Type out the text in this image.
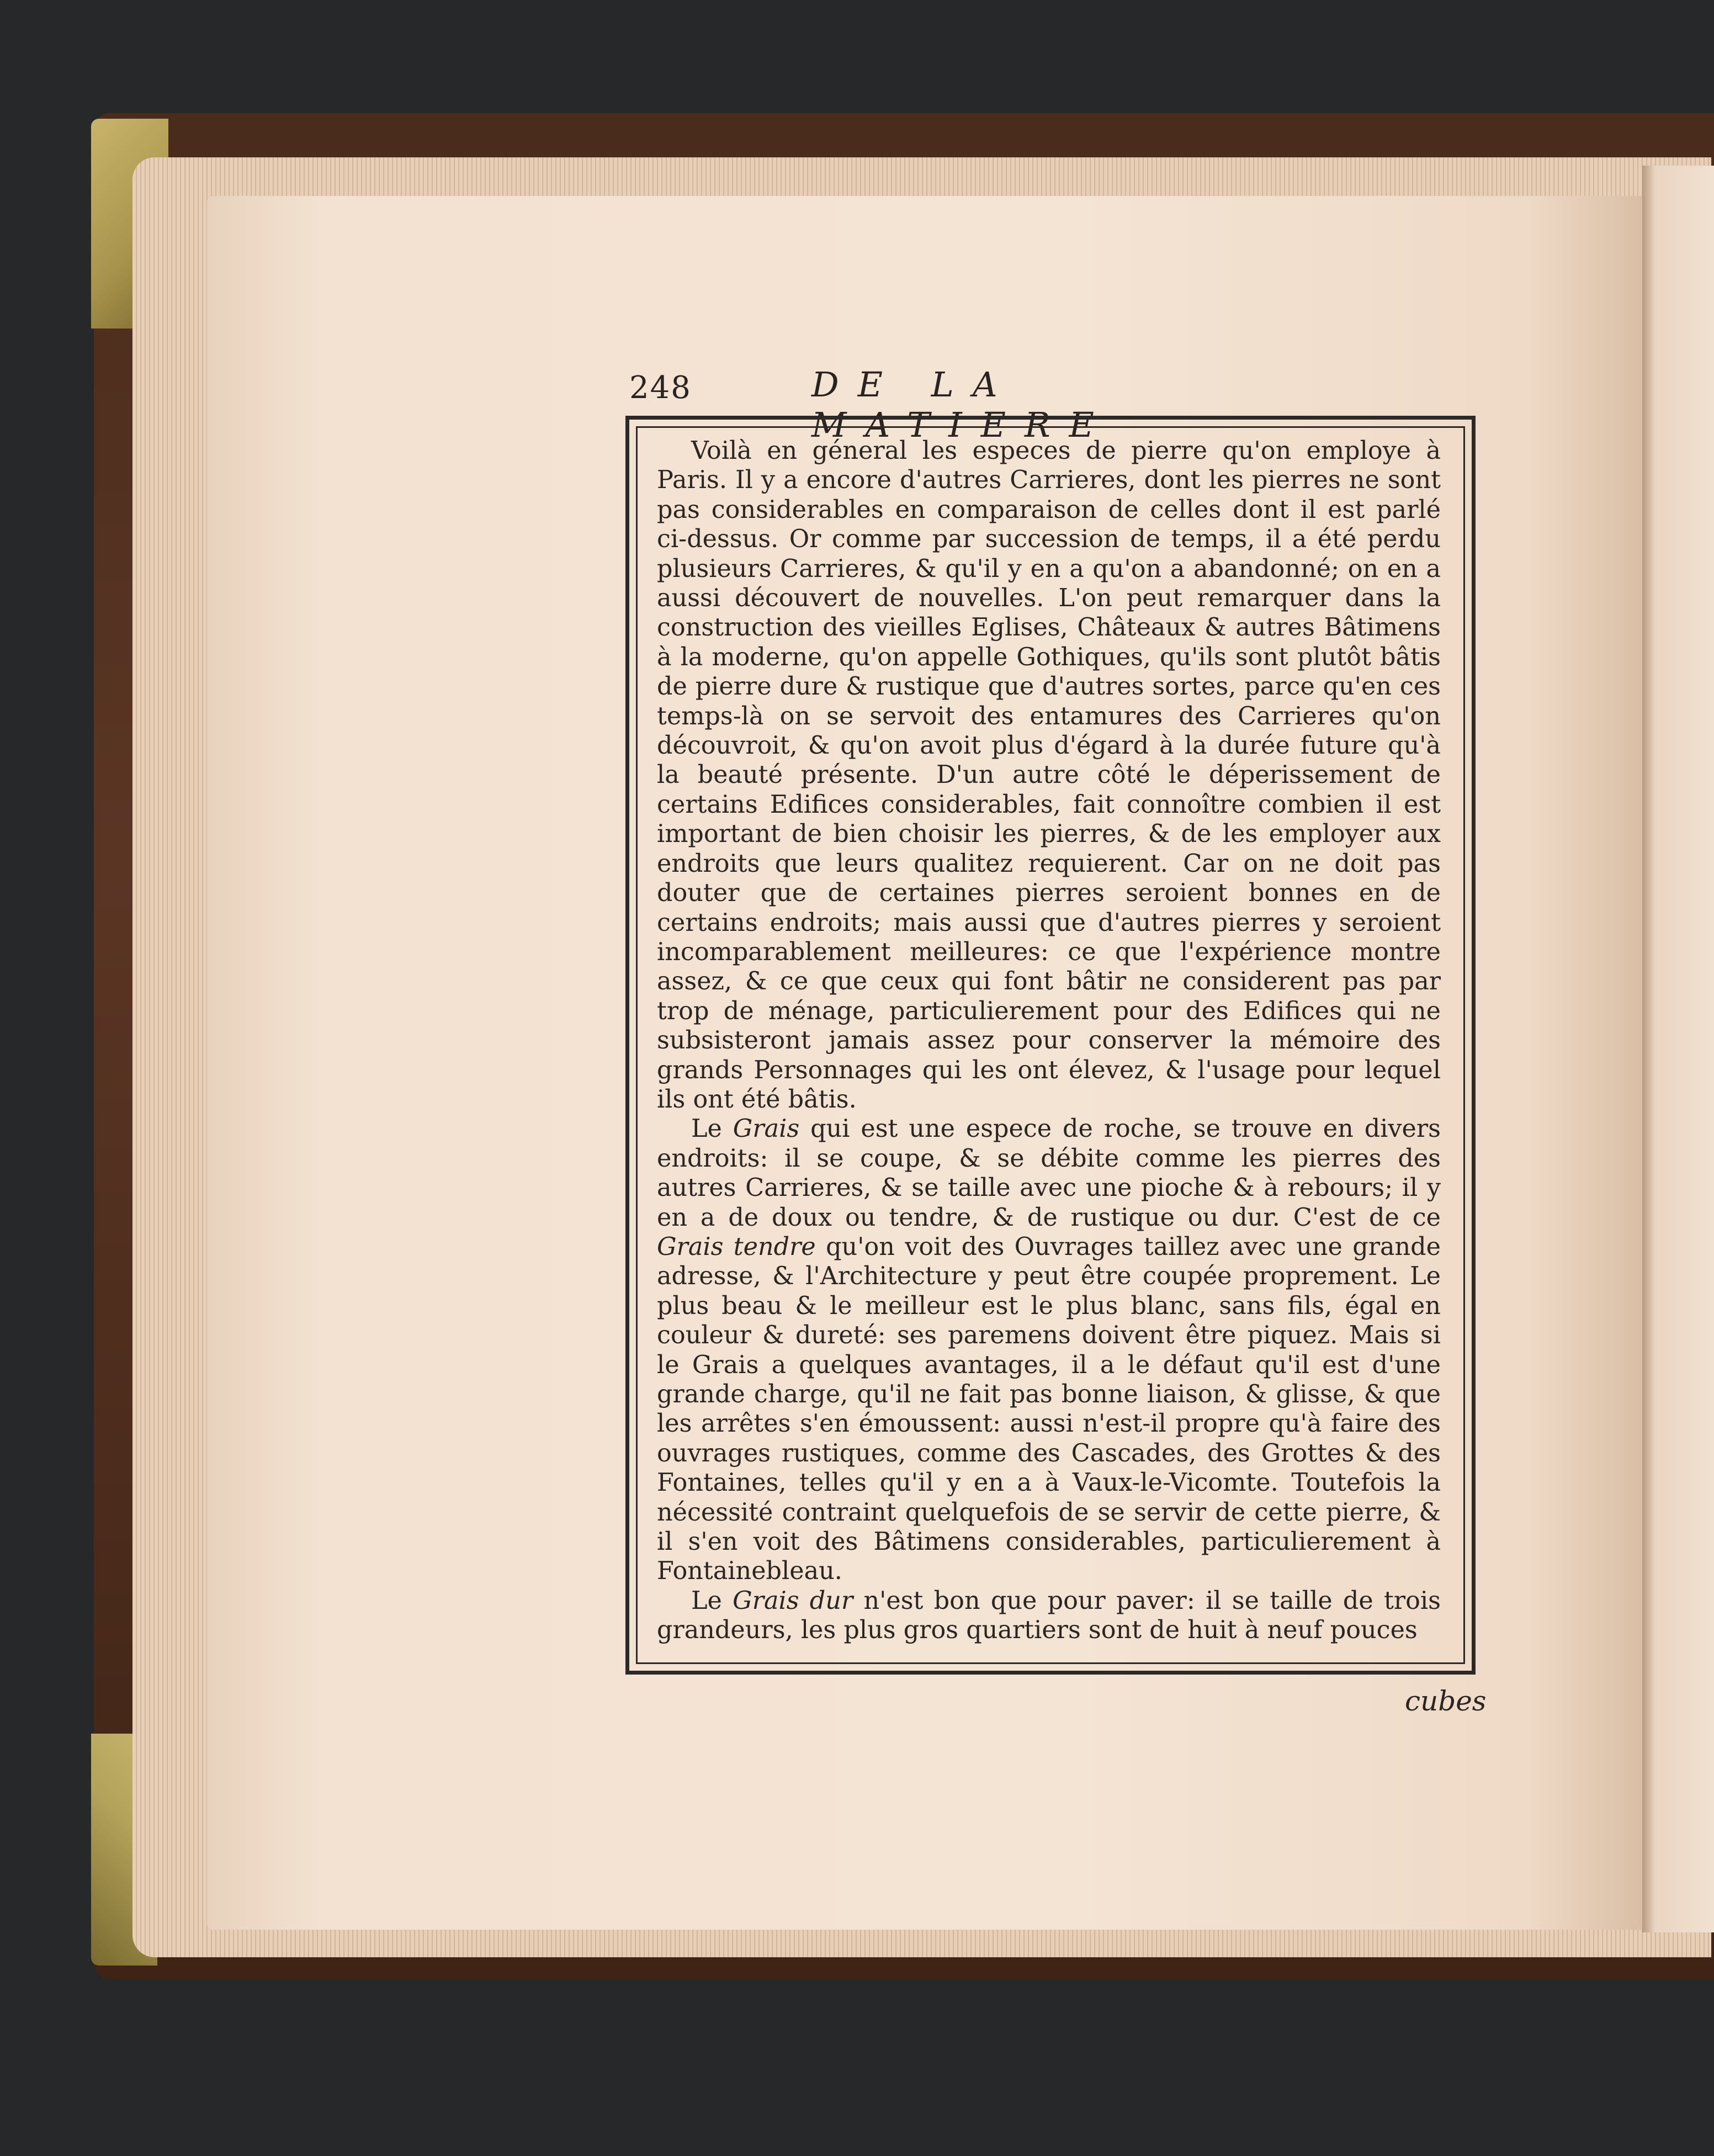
248	DE LA MATIERE

Voilà en géneral les especes de pierre qu'on employe à Paris. Il y a encore d'autres Carrieres, dont les pierres ne sont pas considerables en comparaison de celles dont il est parlé ci-dessus. Or comme par succession de temps, il a été perdu plusieurs Carrieres, & qu'il y en a qu'on a abandonné; on en a aussi découvert de nouvelles. L'on peut remarquer dans la construction des vieilles Eglises, Châteaux & autres Bâtimens à la moderne, qu'on appelle Gothiques, qu'ils sont plutôt bâtis de pierre dure & rustique que d'autres sortes, parce qu'en ces temps-là on se servoit des entamures des Carrieres qu'on découvroit, & qu'on avoit plus d'égard à la durée future qu'à la beauté présente. D'un autre côté le déperissement de certains Edifices considerables, fait connoître combien il est important de bien choisir les pierres, & de les employer aux endroits que leurs qualitez requierent. Car on ne doit pas douter que de certaines pierres seroient bonnes en de certains endroits; mais aussi que d'autres pierres y seroient incomparablement meilleures: ce que l'expérience montre assez, & ce que ceux qui font bâtir ne considerent pas par trop de ménage, particulierement pour des Edifices qui ne subsisteront jamais assez pour conserver la mémoire des grands Personnages qui les ont élevez, & l'usage pour lequel ils ont été bâtis.

Le Grais qui est une espece de roche, se trouve en divers endroits: il se coupe, & se débite comme les pierres des autres Carrieres, & se taille avec une pioche & à rebours; il y en a de doux ou tendre, & de rustique ou dur. C'est de ce Grais tendre qu'on voit des Ouvrages taillez avec une grande adresse, & l'Architecture y peut être coupée proprement. Le plus beau & le meilleur est le plus blanc, sans fils, égal en couleur & dureté: ses paremens doivent être piquez. Mais si le Grais a quelques avantages, il a le défaut qu'il est d'une grande charge, qu'il ne fait pas bonne liaison, & glisse, & que les arrêtes s'en émoussent: aussi n'est-il propre qu'à faire des ouvrages rustiques, comme des Cascades, des Grottes & des Fontaines, telles qu'il y en a à Vaux-le-Vicomte. Toutefois la nécessité contraint quelquefois de se servir de cette pierre, & il s'en voit des Bâtimens considerables, particulierement à Fontainebleau.

Le Grais dur n'est bon que pour paver: il se taille de trois grandeurs, les plus gros quartiers sont de huit à neuf pouces

cubes
